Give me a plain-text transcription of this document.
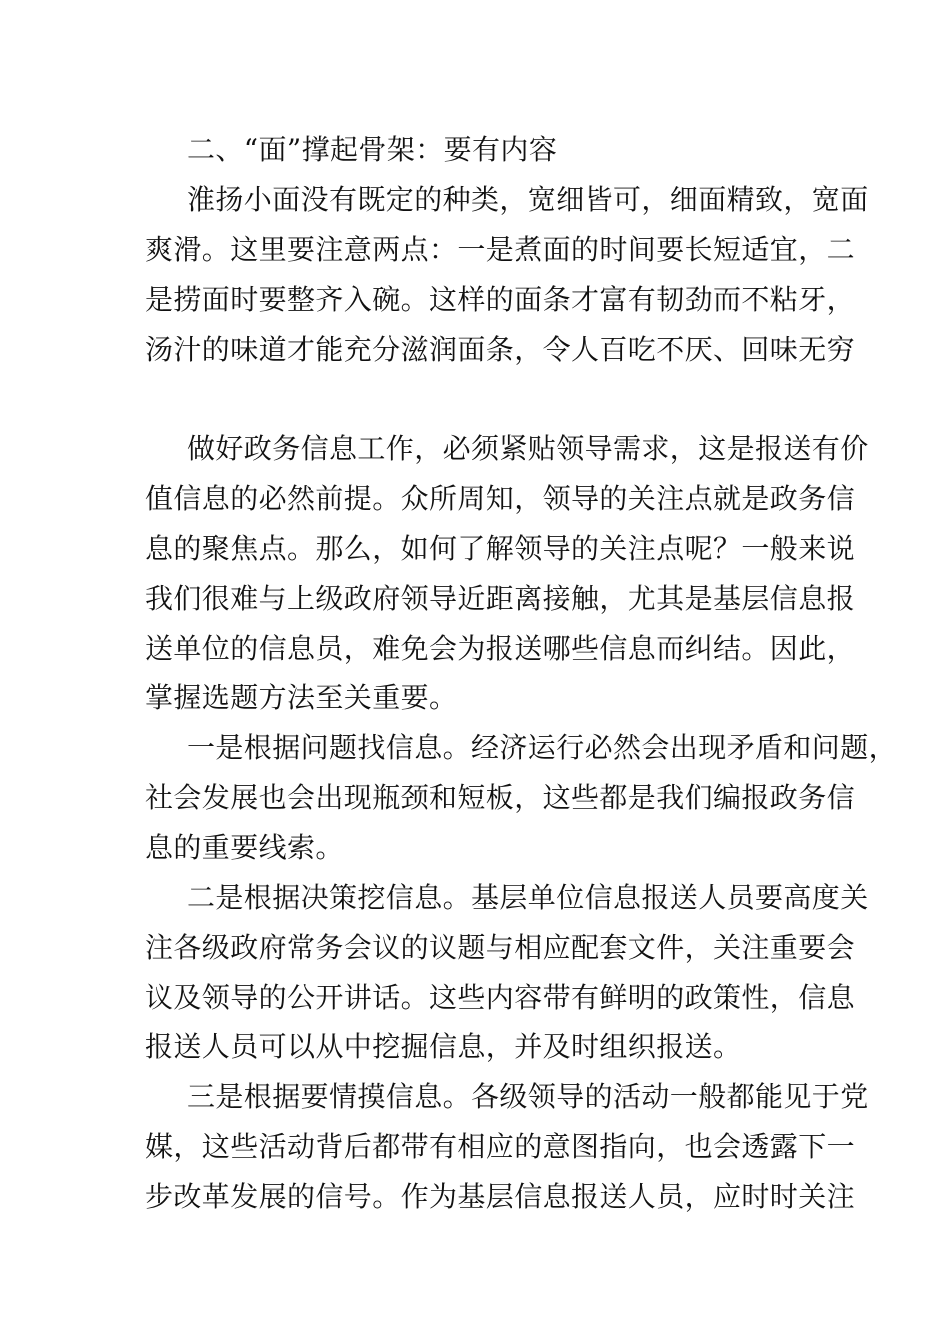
二、“面”撑起骨架：要有内容
淮扬小面没有既定的种类，宽细皆可，细面精致，宽面
爽滑。这里要注意两点：一是煮面的时间要长短适宜，二
是捞面时要整齐入碗。这样的面条才富有韧劲而不粘牙，
汤汁的味道才能充分滋润面条，令人百吃不厌、回味无穷
做好政务信息工作，必须紧贴领导需求，这是报送有价
值信息的必然前提。众所周知，领导的关注点就是政务信
息的聚焦点。那么，如何了解领导的关注点呢？一般来说
我们很难与上级政府领导近距离接触，尤其是基层信息报
送单位的信息员，难免会为报送哪些信息而纠结。因此，
掌握选题方法至关重要。
一是根据问题找信息。经济运行必然会出现矛盾和问题，
社会发展也会出现瓶颈和短板，这些都是我们编报政务信
息的重要线索。
二是根据决策挖信息。基层单位信息报送人员要高度关
注各级政府常务会议的议题与相应配套文件，关注重要会
议及领导的公开讲话。这些内容带有鲜明的政策性，信息
报送人员可以从中挖掘信息，并及时组织报送。
三是根据要情摸信息。各级领导的活动一般都能见于党
媒，这些活动背后都带有相应的意图指向，也会透露下一
步改革发展的信号。作为基层信息报送人员，应时时关注
